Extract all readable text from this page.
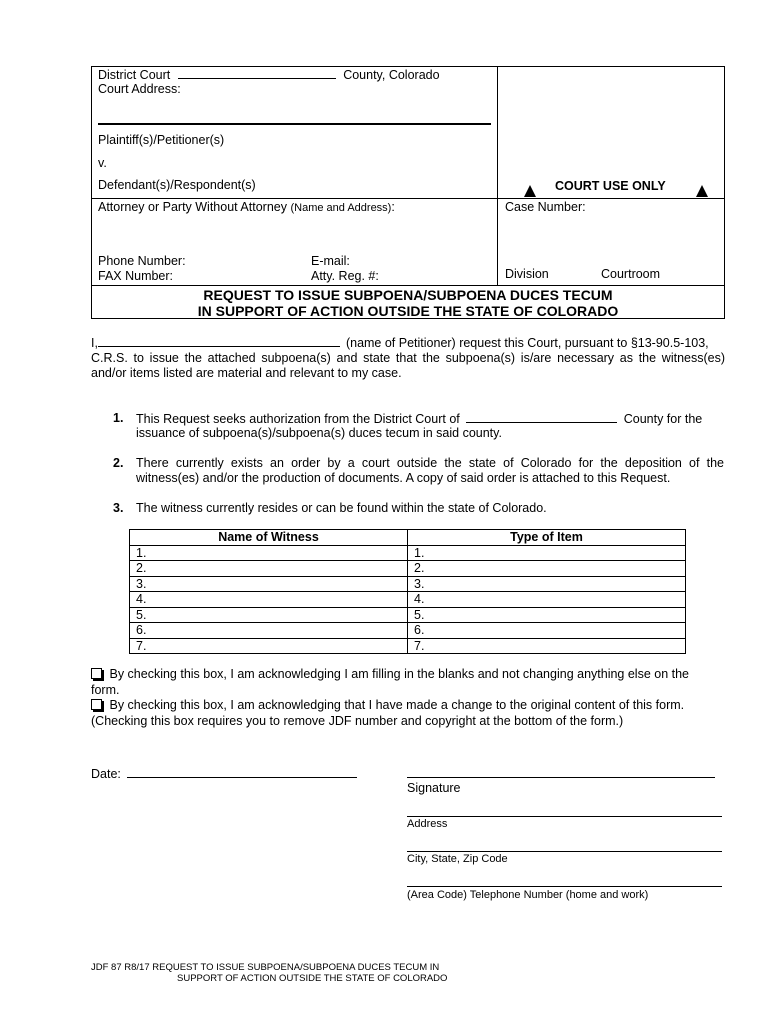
District Court	County, Colorado
Court Address:
Plaintiff(s)/Petitioner(s)
v.
Defendant(s)/Respondent(s)	COURT USE ONLY
Attorney or Party Without Attorney (Name and Address):	Case Number:
Phone Number:	E-mail:
FAX Number:	Atty. Reg. #:	Division	Courtroom
REQUEST TO ISSUE SUBPOENA/SUBPOENA DUCES TECUM
IN SUPPORT OF ACTION OUTSIDE THE STATE OF COLORADO
I,	(name of Petitioner) request this Court, pursuant to §13-90.5-103,
C.R.S. to issue the attached subpoena(s) and state that the subpoena(s) is/are necessary as the witness(es)
and/or items listed are material and relevant to my case.
1. This Request seeks authorization from the District Court of	County for the
issuance of subpoena(s)/subpoena(s) duces tecum in said county.
2. There currently exists an order by a court outside the state of Colorado for the deposition of the
witness(es) and/or the production of documents. A copy of said order is attached to this Request.
3. The witness currently resides or can be found within the state of Colorado.
Name of Witness	Type of Item
1.	1.
2.	2.
3.	3.
4.	4.
5.	5.
6.	6.
7.	7.
By checking this box, I am acknowledging I am filling in the blanks and not changing anything else on the
form.
By checking this box, I am acknowledging that I have made a change to the original content of this form.
(Checking this box requires you to remove JDF number and copyright at the bottom of the form.)
Date:
Signature
Address
City, State, Zip Code
(Area Code) Telephone Number (home and work)
JDF 87 R8/17 REQUEST TO ISSUE SUBPOENA/SUBPOENA DUCES TECUM IN
SUPPORT OF ACTION OUTSIDE THE STATE OF COLORADO
